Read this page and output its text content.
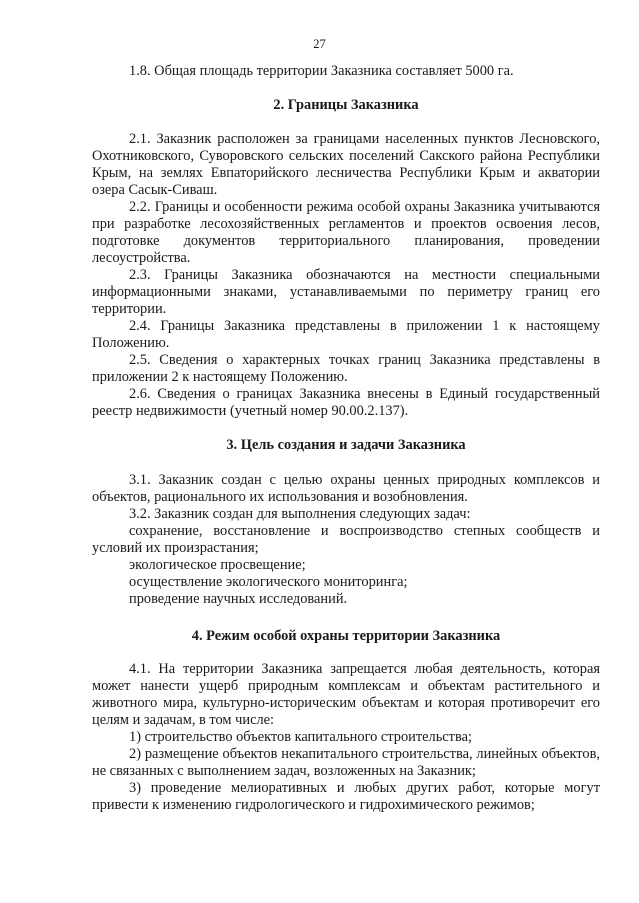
27
1.8. Общая площадь территории Заказника составляет 5000 га.
2. Границы Заказника
2.1. Заказник расположен за границами населенных пунктов Лесновского, Охотниковского, Суворовского сельских поселений Сакского района Республики Крым, на землях Евпаторийского лесничества Республики Крым и акватории озера Сасык-Сиваш.
2.2. Границы и особенности режима особой охраны Заказника учитываются при разработке лесохозяйственных регламентов и проектов освоения лесов, подготовке документов территориального планирования, проведении лесоустройства.
2.3. Границы Заказника обозначаются на местности специальными информационными знаками, устанавливаемыми по периметру границ его территории.
2.4. Границы Заказника представлены в приложении 1 к настоящему Положению.
2.5. Сведения о характерных точках границ Заказника представлены в приложении 2 к настоящему Положению.
2.6. Сведения о границах Заказника внесены в Единый государственный реестр недвижимости (учетный номер 90.00.2.137).
3. Цель создания и задачи Заказника
3.1. Заказник создан с целью охраны ценных природных комплексов и объектов, рационального их использования и возобновления.
3.2. Заказник создан для выполнения следующих задач:
сохранение, восстановление и воспроизводство степных сообществ и условий их произрастания;
экологическое просвещение;
осуществление экологического мониторинга;
проведение научных исследований.
4. Режим особой охраны территории Заказника
4.1. На территории Заказника запрещается любая деятельность, которая может нанести ущерб природным комплексам и объектам растительного и животного мира, культурно-историческим объектам и которая противоречит его целям и задачам, в том числе:
1) строительство объектов капитального строительства;
2) размещение объектов некапитального строительства, линейных объектов, не связанных с выполнением задач, возложенных на Заказник;
3) проведение мелиоративных и любых других работ, которые могут привести к изменению гидрологического и гидрохимического режимов;
